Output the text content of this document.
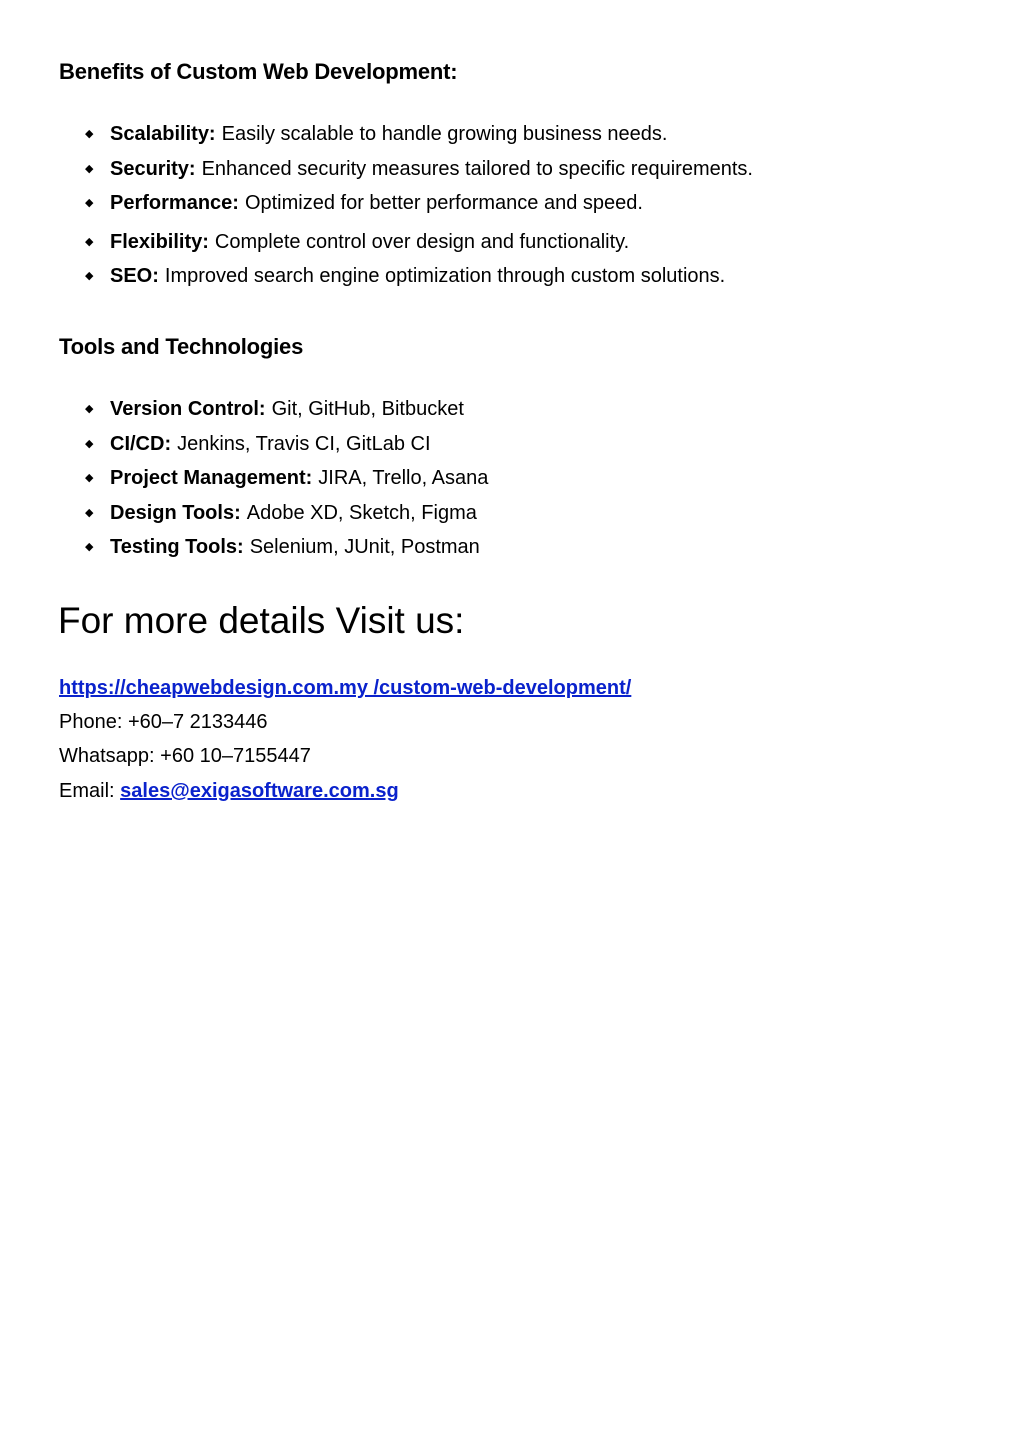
Benefits of Custom Web Development:
◆ Scalability: Easily scalable to handle growing business needs.
◆ Security: Enhanced security measures tailored to specific requirements.
◆ Performance: Optimized for better performance and speed.
◆ Flexibility: Complete control over design and functionality.
◆ SEO: Improved search engine optimization through custom solutions.
Tools and Technologies
◆ Version Control: Git, GitHub, Bitbucket
◆ CI/CD: Jenkins, Travis CI, GitLab CI
◆ Project Management: JIRA, Trello, Asana
◆ Design Tools: Adobe XD, Sketch, Figma
◆ Testing Tools: Selenium, JUnit, Postman
For more details Visit us:
https://cheapwebdesign.com.my /custom-web-development/
Phone: +60–7 2133446
Whatsapp: +60 10–7155447
Email: sales@exigasoftware.com.sg
